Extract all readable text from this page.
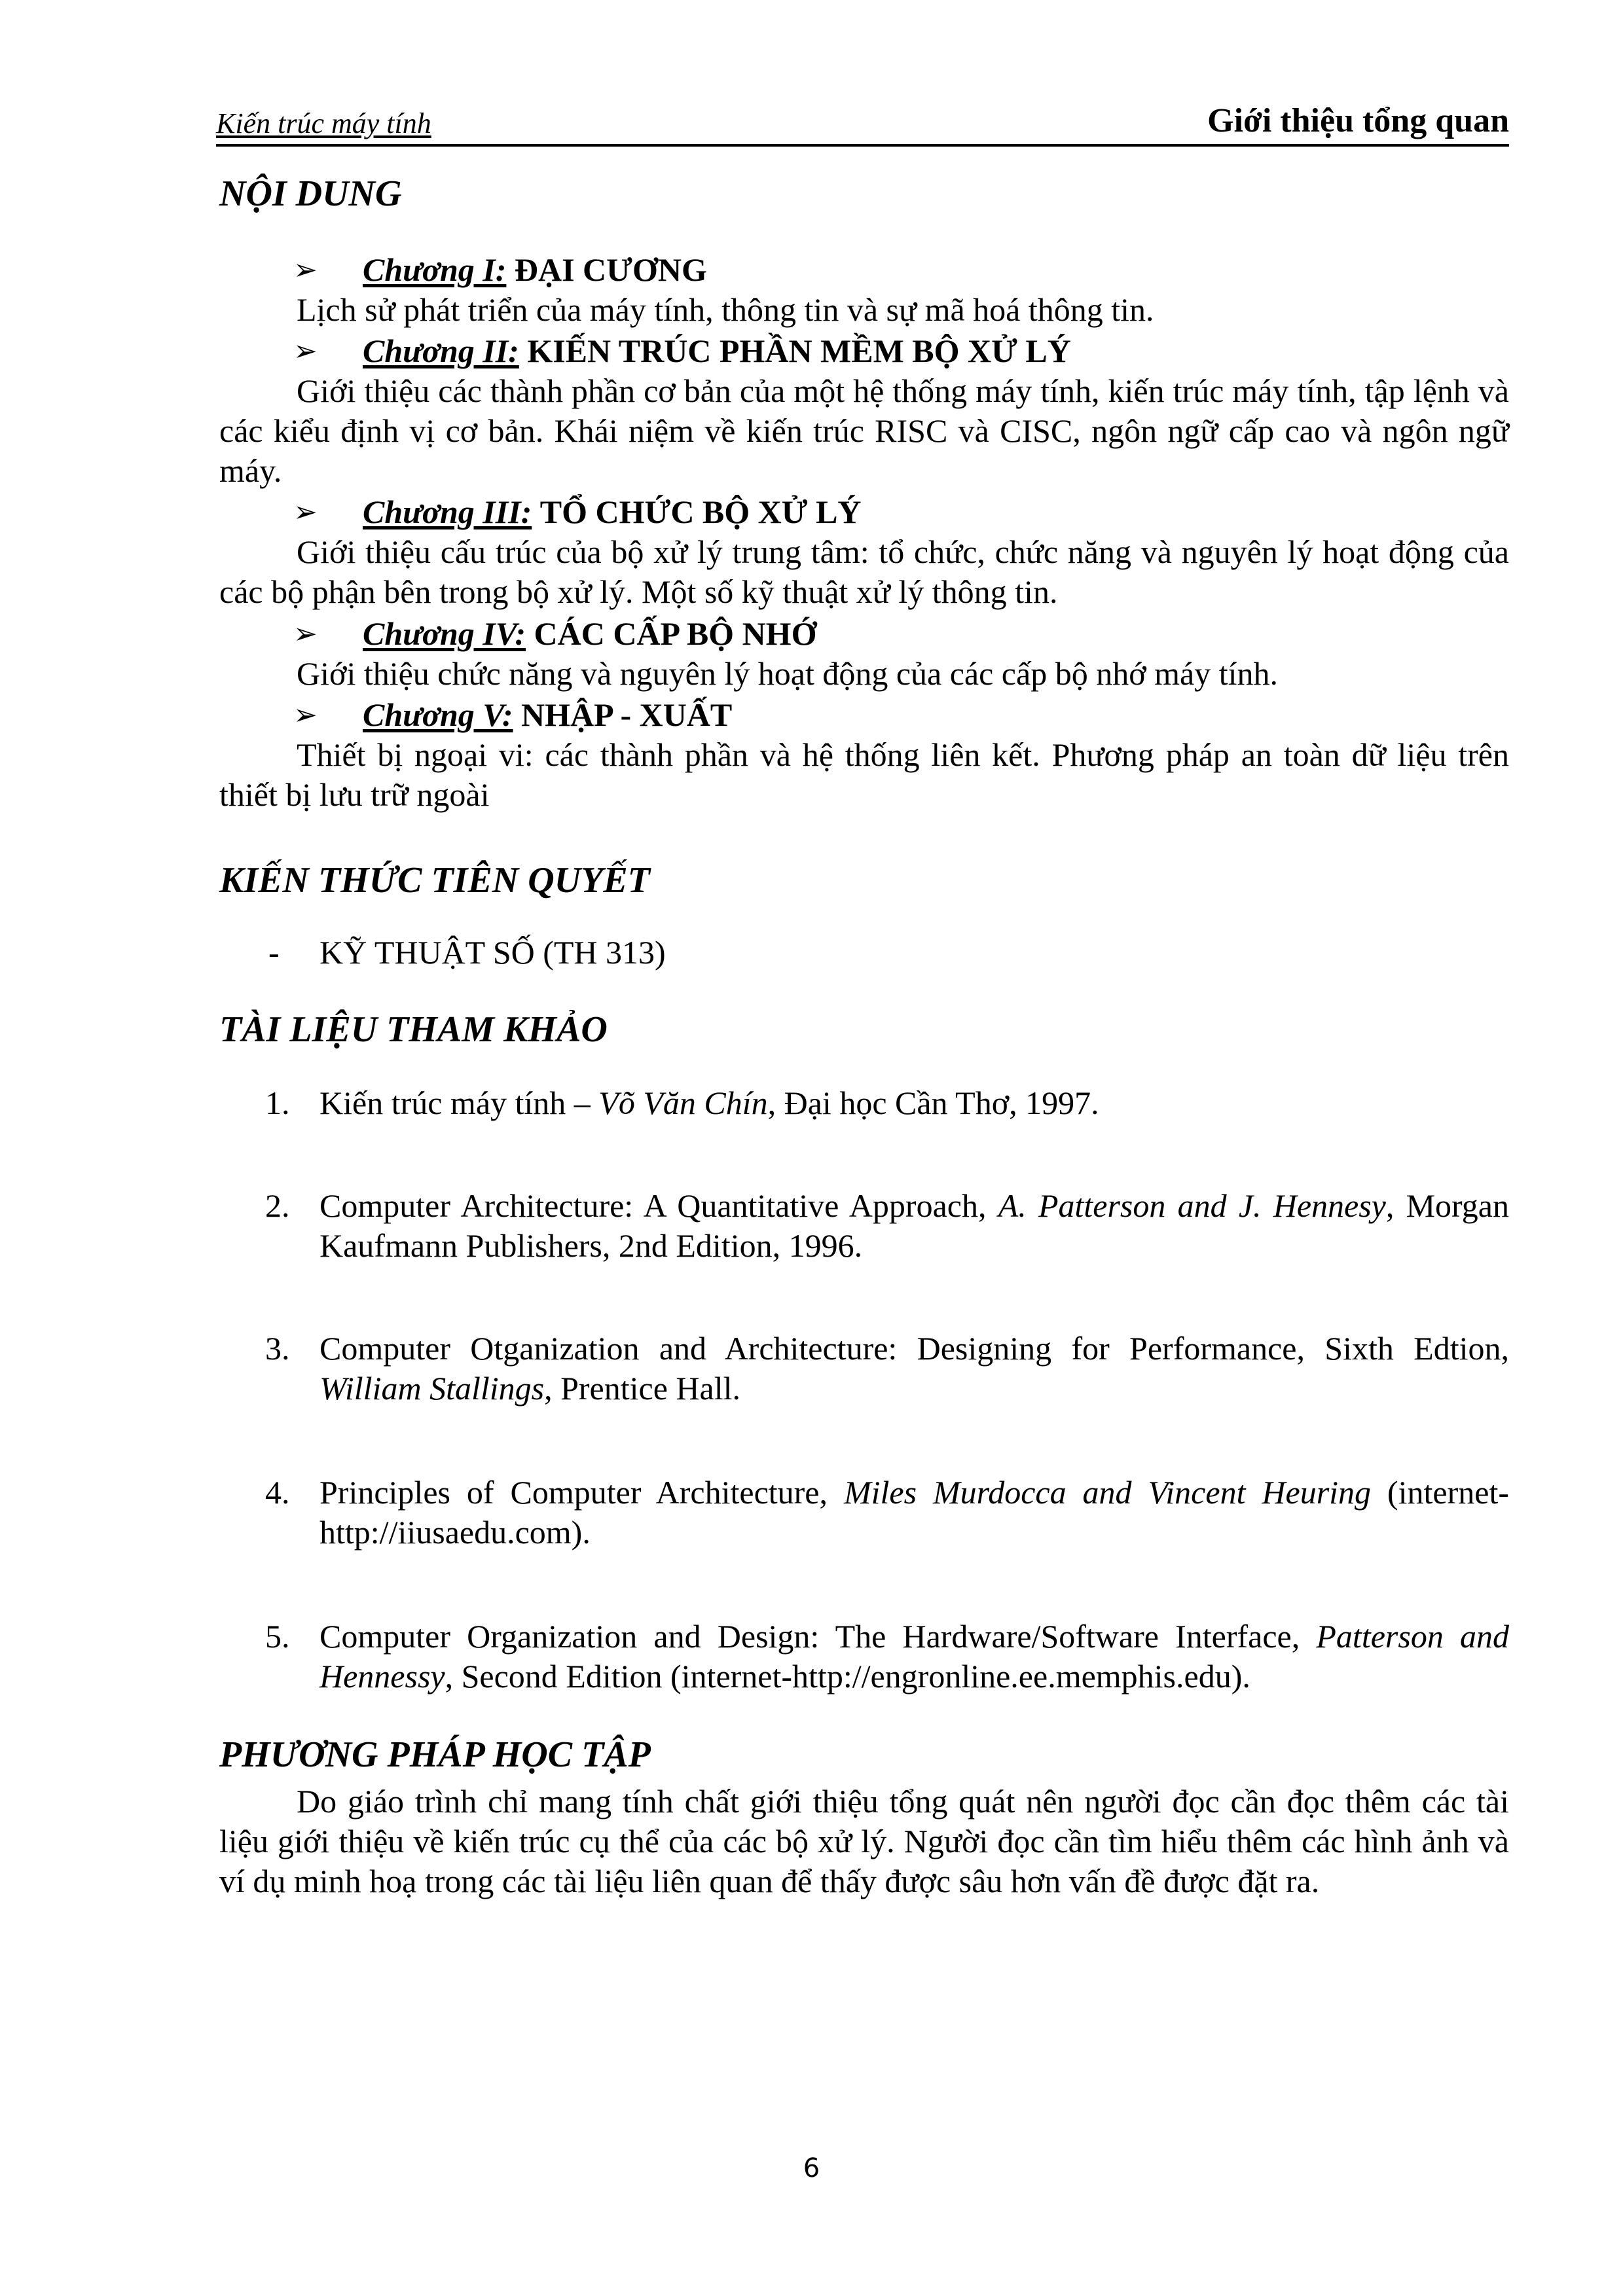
Kiến trúc máy tính	Giới thiệu tổng quan
NỘI DUNG
➢ Chương I: ĐẠI CƯƠNG

Lịch sử phát triển của máy tính, thông tin và sự mã hoá thông tin.

➢ Chương II: KIẾN TRÚC PHẦN MỀM BỘ XỬ LÝ

Giới thiệu các thành phần cơ bản của một hệ thống máy tính, kiến trúc máy tính, tập lệnh và các kiểu định vị cơ bản. Khái niệm về kiến trúc RISC và CISC, ngôn ngữ cấp cao và ngôn ngữ máy.

➢ Chương III: TỔ CHỨC BỘ XỬ LÝ

Giới thiệu cấu trúc của bộ xử lý trung tâm: tổ chức, chức năng và nguyên lý hoạt động của các bộ phận bên trong bộ xử lý. Một số kỹ thuật xử lý thông tin.

➢ Chương IV: CÁC CẤP BỘ NHỚ

Giới thiệu chức năng và nguyên lý hoạt động của các cấp bộ nhớ máy tính.

➢ Chương V: NHẬP - XUẤT

Thiết bị ngoại vi: các thành phần và hệ thống liên kết. Phương pháp an toàn dữ liệu trên thiết bị lưu trữ ngoài

KIẾN THỨC TIÊN QUYẾT
- KỸ THUẬT SỐ (TH 313)
TÀI LIỆU THAM KHẢO
1. Kiến trúc máy tính – Võ Văn Chín, Đại học Cần Thơ, 1997.
2. Computer Architecture: A Quantitative Approach, A. Patterson and J. Hennesy, Morgan Kaufmann Publishers, 2nd Edition, 1996.
3. Computer Otganization and Architecture: Designing for Performance, Sixth Edtion, William Stallings, Prentice Hall.
4. Principles of Computer Architecture, Miles Murdocca and Vincent Heuring (internet- http://iiusaedu.com).
5. Computer Organization and Design: The Hardware/Software Interface, Patterson and Hennessy, Second Edition (internet-http://engronline.ee.memphis.edu).
PHƯƠNG PHÁP HỌC TẬP

Do giáo trình chỉ mang tính chất giới thiệu tổng quát nên người đọc cần đọc thêm các tài liệu giới thiệu về kiến trúc cụ thể của các bộ xử lý. Người đọc cần tìm hiểu thêm các hình ảnh và ví dụ minh hoạ trong các tài liệu liên quan để thấy được sâu hơn vấn đề được đặt ra.

6
